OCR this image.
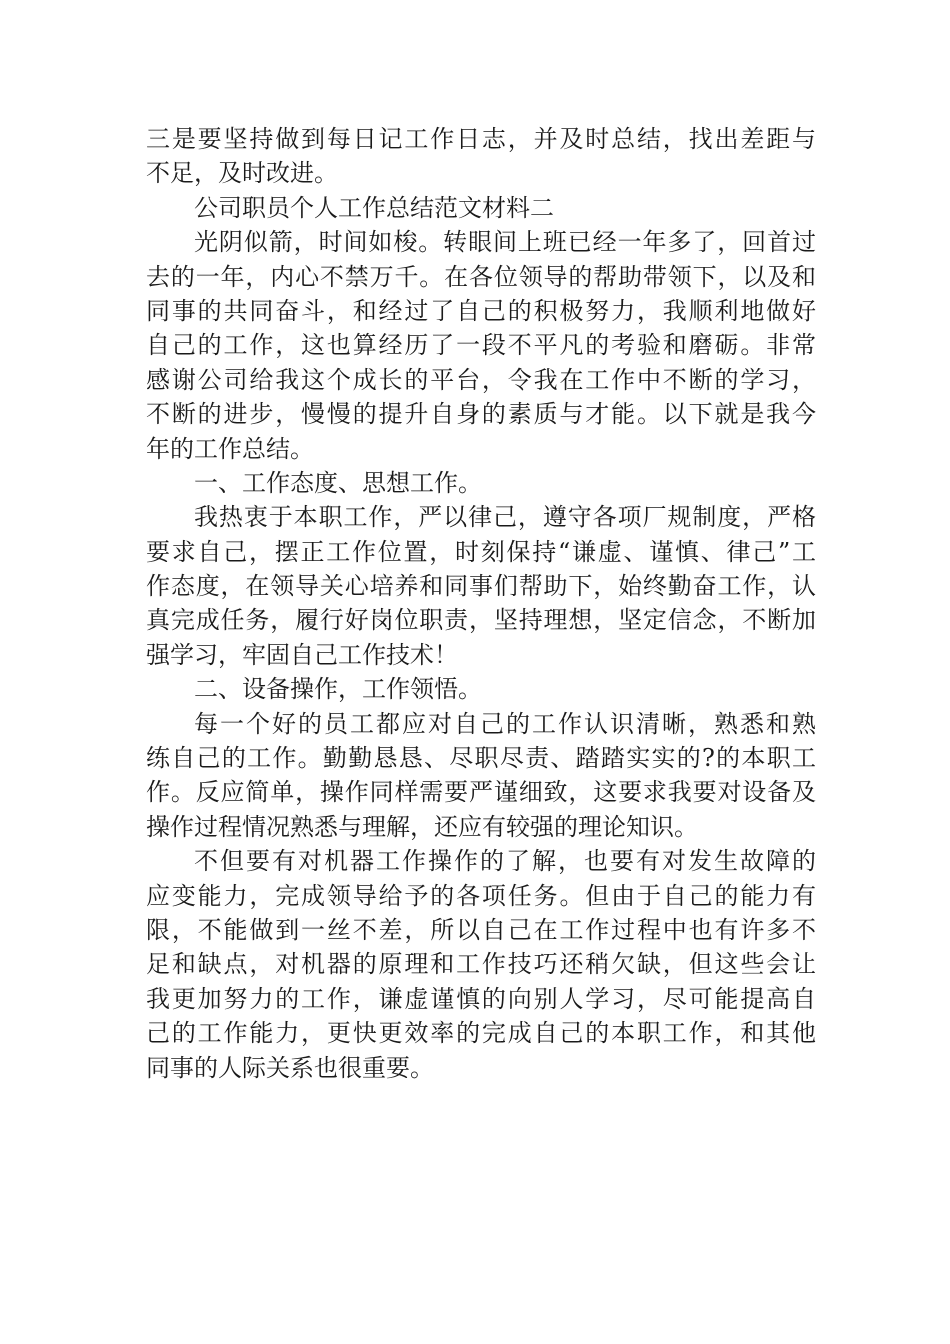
三是要坚持做到每日记工作日志，并及时总结，找出差距与
不足，及时改进。
公司职员个人工作总结范文材料二
光阴似箭，时间如梭。转眼间上班已经一年多了，回首过
去的一年，内心不禁万千。在各位领导的帮助带领下，以及和
同事的共同奋斗，和经过了自己的积极努力，我顺利地做好
自己的工作，这也算经历了一段不平凡的考验和磨砺。非常
感谢公司给我这个成长的平台，令我在工作中不断的学习，
不断的进步，慢慢的提升自身的素质与才能。以下就是我今
年的工作总结。
一、工作态度、思想工作。
我热衷于本职工作，严以律己，遵守各项厂规制度，严格
要求自己，摆正工作位置，时刻保持“谦虚、谨慎、律己”工
作态度，在领导关心培养和同事们帮助下，始终勤奋工作，认
真完成任务，履行好岗位职责，坚持理想，坚定信念，不断加
强学习，牢固自己工作技术！
二、设备操作，工作领悟。
每一个好的员工都应对自己的工作认识清晰，熟悉和熟
练自己的工作。勤勤恳恳、尽职尽责、踏踏实实的?的本职工
作。反应简单，操作同样需要严谨细致，这要求我要对设备及
操作过程情况熟悉与理解，还应有较强的理论知识。
不但要有对机器工作操作的了解，也要有对发生故障的
应变能力，完成领导给予的各项任务。但由于自己的能力有
限，不能做到一丝不差，所以自己在工作过程中也有许多不
足和缺点，对机器的原理和工作技巧还稍欠缺，但这些会让
我更加努力的工作，谦虚谨慎的向别人学习，尽可能提高自
己的工作能力，更快更效率的完成自己的本职工作，和其他
同事的人际关系也很重要。
